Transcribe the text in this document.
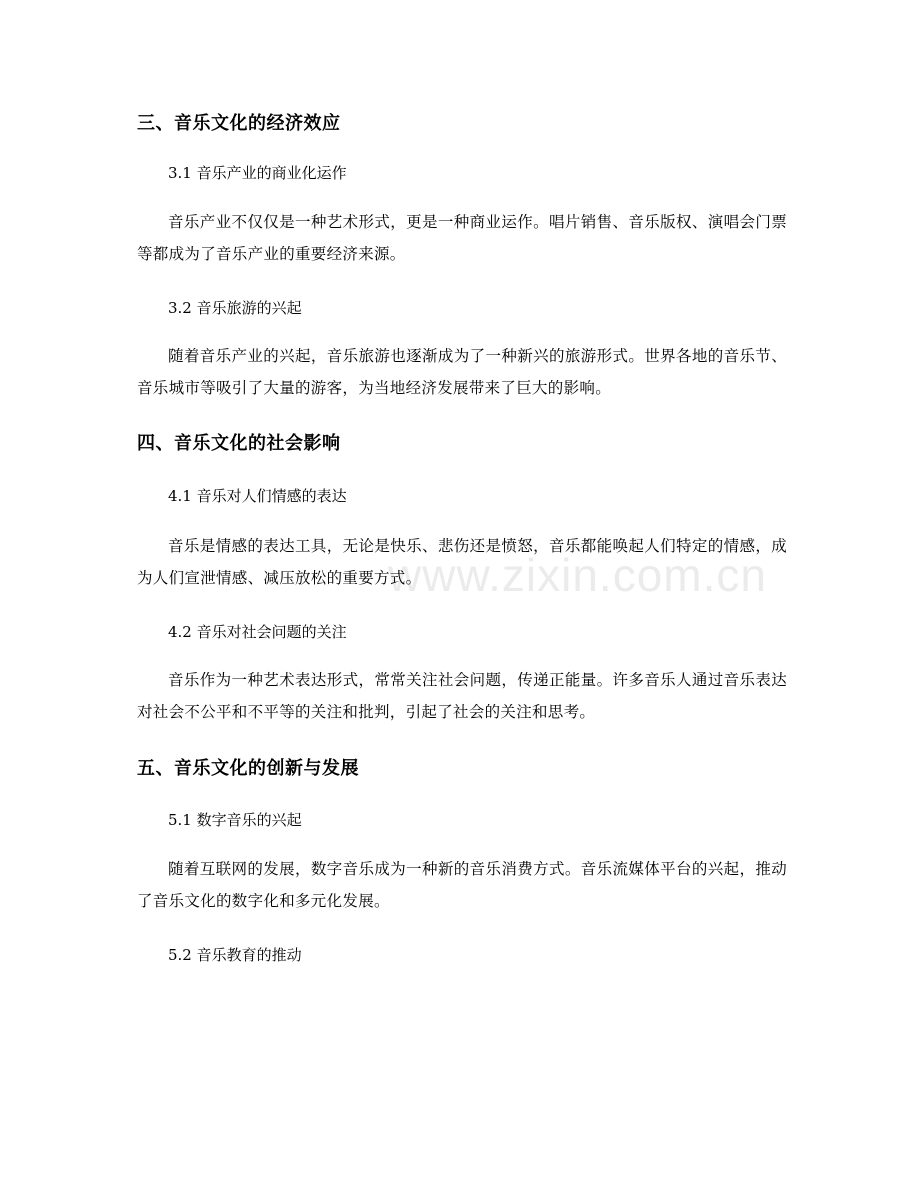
www.zixin.com.cn
三、音乐文化的经济效应
3.1 音乐产业的商业化运作

音乐产业不仅仅是一种艺术形式，更是一种商业运作。唱片销售、音乐版权、演唱会门票等都成为了音乐产业的重要经济来源。

3.2 音乐旅游的兴起

随着音乐产业的兴起，音乐旅游也逐渐成为了一种新兴的旅游形式。世界各地的音乐节、音乐城市等吸引了大量的游客，为当地经济发展带来了巨大的影响。

四、音乐文化的社会影响
4.1 音乐对人们情感的表达

音乐是情感的表达工具，无论是快乐、悲伤还是愤怒，音乐都能唤起人们特定的情感，成为人们宣泄情感、减压放松的重要方式。

4.2 音乐对社会问题的关注

音乐作为一种艺术表达形式，常常关注社会问题，传递正能量。许多音乐人通过音乐表达对社会不公平和不平等的关注和批判，引起了社会的关注和思考。

五、音乐文化的创新与发展
5.1 数字音乐的兴起

随着互联网的发展，数字音乐成为一种新的音乐消费方式。音乐流媒体平台的兴起，推动了音乐文化的数字化和多元化发展。

5.2 音乐教育的推动
